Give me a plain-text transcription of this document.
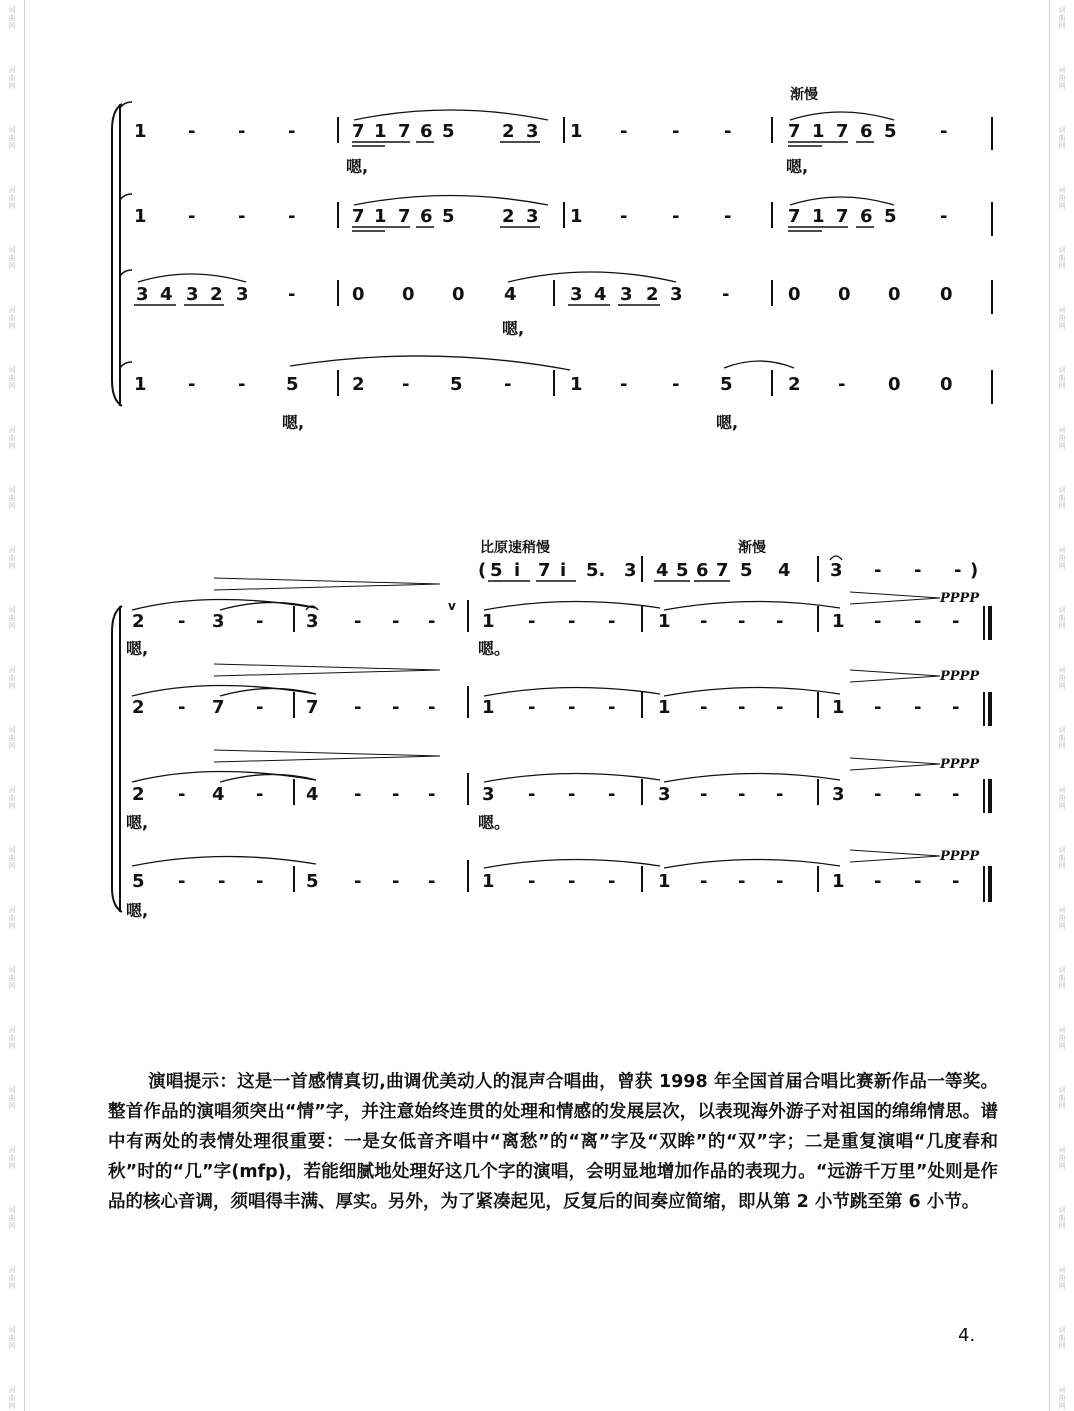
词
曲
网
词
曲
网
词
曲
网
词
曲
网
词
曲
网
词
曲
网
词
曲
网
词
曲
网
词
曲
网
词
曲
网
词
曲
网
词
曲
网
词
曲
网
词
曲
网
词
曲
网
词
曲
网
词
曲
网
词
曲
网
词
曲
网
词
曲
网
词
曲
网
词
曲
网
词
曲
网
词
曲
网
词
曲
网
词
曲
网
词
曲
网
词
曲
网
词
曲
网
词
曲
网
词
曲
网
词
曲
网
词
曲
网
词
曲
网
词
曲
网
词
曲
网
词
曲
网
词
曲
网
词
曲
网
词
曲
网
词
曲
网
词
曲
网
词
曲
网
词
曲
网
词
曲
网
词
曲
网
词
曲
网
词
曲
网
渐慢
1 - - -	7 1 7 6 5	2 3 1 - - -	7 1 7 6 5 -
嗯,	嗯,
1 - - -	7 1 7 6 5	2 3 1 - - -	7 1 7 6 5 -
3 4 3 2 3 -	0 0 0 4	3 4 3 2 3 -	0 0 0 0
嗯,
1 - - 5	2 - 5 -	1 - - 5	2 - 0 0
嗯,	嗯,
比原速稍慢	渐慢
( 5 i 7 i 5. 3 4 5 6 7 5 4 3 - - - )
PPPP
2 - 3 - 3 - - -
v
1 - - - 1 - - -	1 - - -
嗯,	嗯。
PPPP
2 - 7 - 7 - - -	1 - - - 1 - - -	1 - - -
PPPP
2 - 4 - 4 - - -	3 - - - 3 - - -	3 - - -
嗯,	嗯。
PPPP
5 - - - 5 - - -	1 - - - 1 - - -	1 - - -
嗯,
演唱提示：这是一首感情真切,曲调优美动人的混声合唱曲，曾获 1998 年全国首届合唱比赛新作品一等奖。整首作品的演唱须突出“情”字，并注意始终连贯的处理和情感的发展层次，以表现海外游子对祖国的绵绵情思。谱中有两处的表情处理很重要：一是女低音齐唱中“离愁”的“离”字及“双眸”的“双”字；二是重复演唱“几度春和秋”时的“几”字(mfp)，若能细腻地处理好这几个字的演唱，会明显地增加作品的表现力。“远游千万里”处则是作品的核心音调，须唱得丰满、厚实。另外，为了紧凑起见，反复后的间奏应简缩，即从第 2 小节跳至第 6 小节。
4.
